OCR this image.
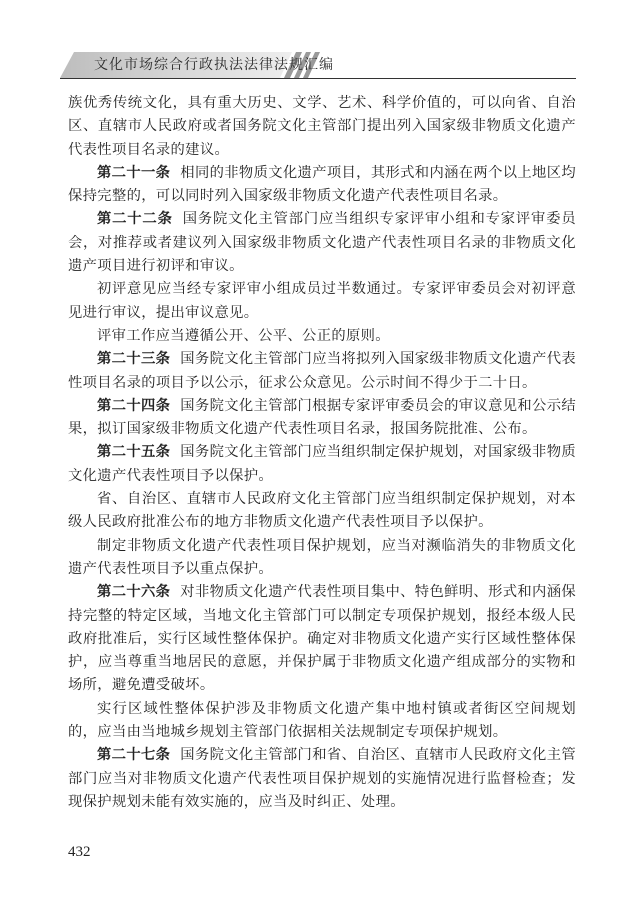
文化市场综合行政执法法律法规汇编

族优秀传统文化，具有重大历史、文学、艺术、科学价值的，可以向省、自治区、直辖市人民政府或者国务院文化主管部门提出列入国家级非物质文化遗产代表性项目名录的建议。

第二十一条 相同的非物质文化遗产项目，其形式和内涵在两个以上地区均保持完整的，可以同时列入国家级非物质文化遗产代表性项目名录。

第二十二条 国务院文化主管部门应当组织专家评审小组和专家评审委员会，对推荐或者建议列入国家级非物质文化遗产代表性项目名录的非物质文化遗产项目进行初评和审议。

初评意见应当经专家评审小组成员过半数通过。专家评审委员会对初评意见进行审议，提出审议意见。

评审工作应当遵循公开、公平、公正的原则。

第二十三条 国务院文化主管部门应当将拟列入国家级非物质文化遗产代表性项目名录的项目予以公示，征求公众意见。公示时间不得少于二十日。

第二十四条 国务院文化主管部门根据专家评审委员会的审议意见和公示结果，拟订国家级非物质文化遗产代表性项目名录，报国务院批准、公布。

第二十五条 国务院文化主管部门应当组织制定保护规划，对国家级非物质文化遗产代表性项目予以保护。

省、自治区、直辖市人民政府文化主管部门应当组织制定保护规划，对本级人民政府批准公布的地方非物质文化遗产代表性项目予以保护。

制定非物质文化遗产代表性项目保护规划，应当对濒临消失的非物质文化遗产代表性项目予以重点保护。

第二十六条 对非物质文化遗产代表性项目集中、特色鲜明、形式和内涵保持完整的特定区域，当地文化主管部门可以制定专项保护规划，报经本级人民政府批准后，实行区域性整体保护。确定对非物质文化遗产实行区域性整体保护，应当尊重当地居民的意愿，并保护属于非物质文化遗产组成部分的实物和场所，避免遭受破坏。

实行区域性整体保护涉及非物质文化遗产集中地村镇或者街区空间规划的，应当由当地城乡规划主管部门依据相关法规制定专项保护规划。

第二十七条 国务院文化主管部门和省、自治区、直辖市人民政府文化主管部门应当对非物质文化遗产代表性项目保护规划的实施情况进行监督检查；发现保护规划未能有效实施的，应当及时纠正、处理。

432
